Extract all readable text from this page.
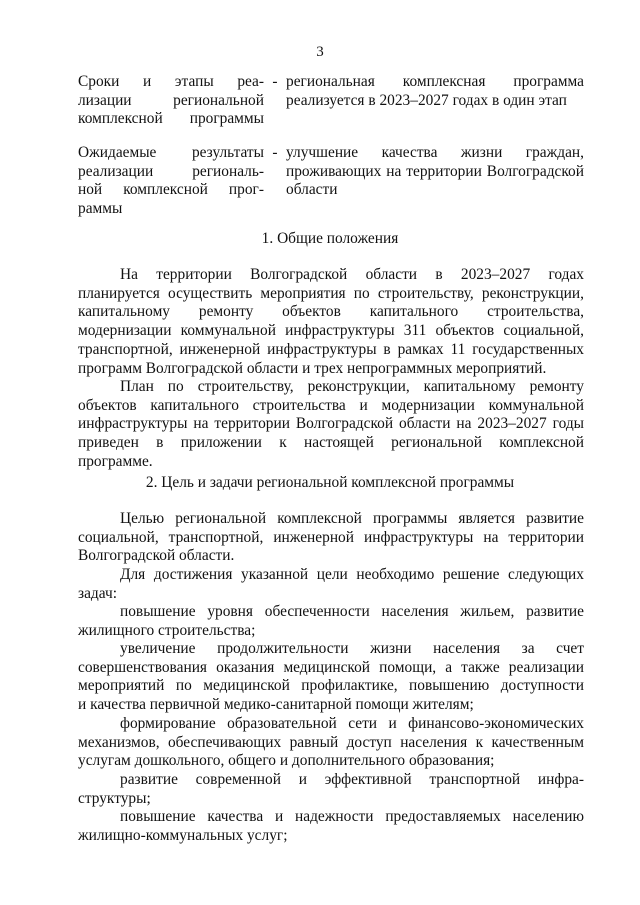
3
Сроки и этапы реа-
лизации региональной
комплексной программы
- региональная комплексная программа
реализуется в 2023–2027 годах в один этап
Ожидаемые результаты
реализации региональ-
ной комплексной прог-
раммы
- улучшение качества жизни граждан,
проживающих на территории Волгоградской
области
1. Общие положения
На территории Волгоградской области в 2023–2027 годах
планируется осуществить мероприятия по строительству, реконструкции,
капитальному ремонту объектов капитального строительства,
модернизации коммунальной инфраструктуры 311 объектов социальной,
транспортной, инженерной инфраструктуры в рамках 11 государственных
программ Волгоградской области и трех непрограммных мероприятий.
План по строительству, реконструкции, капитальному ремонту
объектов капитального строительства и модернизации коммунальной
инфраструктуры на территории Волгоградской области на 2023–2027 годы
приведен в приложении к настоящей региональной комплексной
программе.
2. Цель и задачи региональной комплексной программы
Целью региональной комплексной программы является развитие
социальной, транспортной, инженерной инфраструктуры на территории
Волгоградской области.
Для достижения указанной цели необходимо решение следующих
задач:
повышение уровня обеспеченности населения жильем, развитие
жилищного строительства;
увеличение продолжительности жизни населения за счет
совершенствования оказания медицинской помощи, а также реализации
мероприятий по медицинской профилактике, повышению доступности
и качества первичной медико-санитарной помощи жителям;
формирование образовательной сети и финансово-экономических
механизмов, обеспечивающих равный доступ населения к качественным
услугам дошкольного, общего и дополнительного образования;
развитие современной и эффективной транспортной инфра-
структуры;
повышение качества и надежности предоставляемых населению
жилищно-коммунальных услуг;
